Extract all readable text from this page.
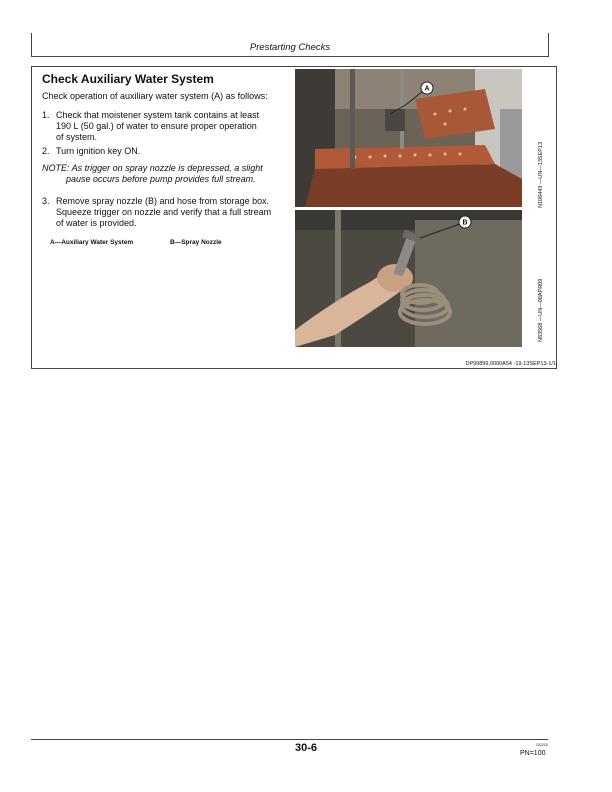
Prestarting Checks
Check Auxiliary Water System
Check operation of auxiliary water system (A) as follows:
1. Check that moistener system tank contains at least
190 L (50 gal.) of water to ensure proper operation
of system.
2. Turn ignition key ON.
NOTE: As trigger on spray nozzle is depressed, a slight
pause occurs before pump provides full stream.
3. Remove spray nozzle (B) and hose from storage box.
Squeeze trigger on nozzle and verify that a full stream
of water is provided.
A—Auxiliary Water System	B—Spray Nozzle
A
B
N106443 —UN—13SEP13
N83568 —UN—08APR09
DP99899,0000A54 -19-13SEP13-1/1
30-6	102215
PN=100
